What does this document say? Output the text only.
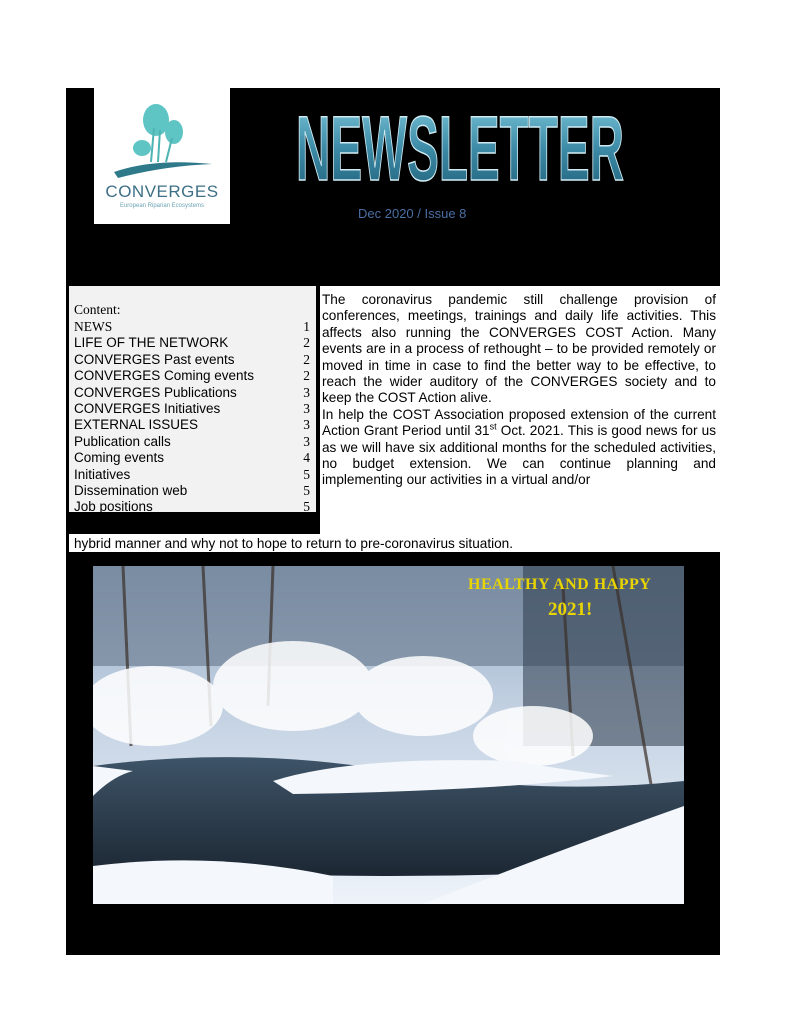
CONVERGES
European Riparian Ecosystems
NEWSLETTER
Dec 2020 / Issue 8
Content:
NEWS	1
LIFE OF THE NETWORK	2
CONVERGES Past events	2
CONVERGES Coming events	2
CONVERGES Publications	3
CONVERGES Initiatives	3
EXTERNAL ISSUES	3
Publication calls	3
Coming events	4
Initiatives	5
Dissemination web	5
Job positions	5
The coronavirus pandemic still challenge provision of conferences, meetings, trainings and daily life activities. This affects also running the CONVERGES COST Action. Many events are in a process of rethought – to be provided remotely or moved in time in case to find the better way to be effective, to reach the wider auditory of the CONVERGES society and to keep the COST Action alive.
In help the COST Association proposed extension of the current Action Grant Period until 31st Oct. 2021. This is good news for us as we will have six additional months for the scheduled activities, no budget extension. We can continue planning and implementing our activities in a virtual and/or
hybrid manner and why not to hope to return to pre-coronavirus situation.
HEALTHY AND HAPPY
2021!
